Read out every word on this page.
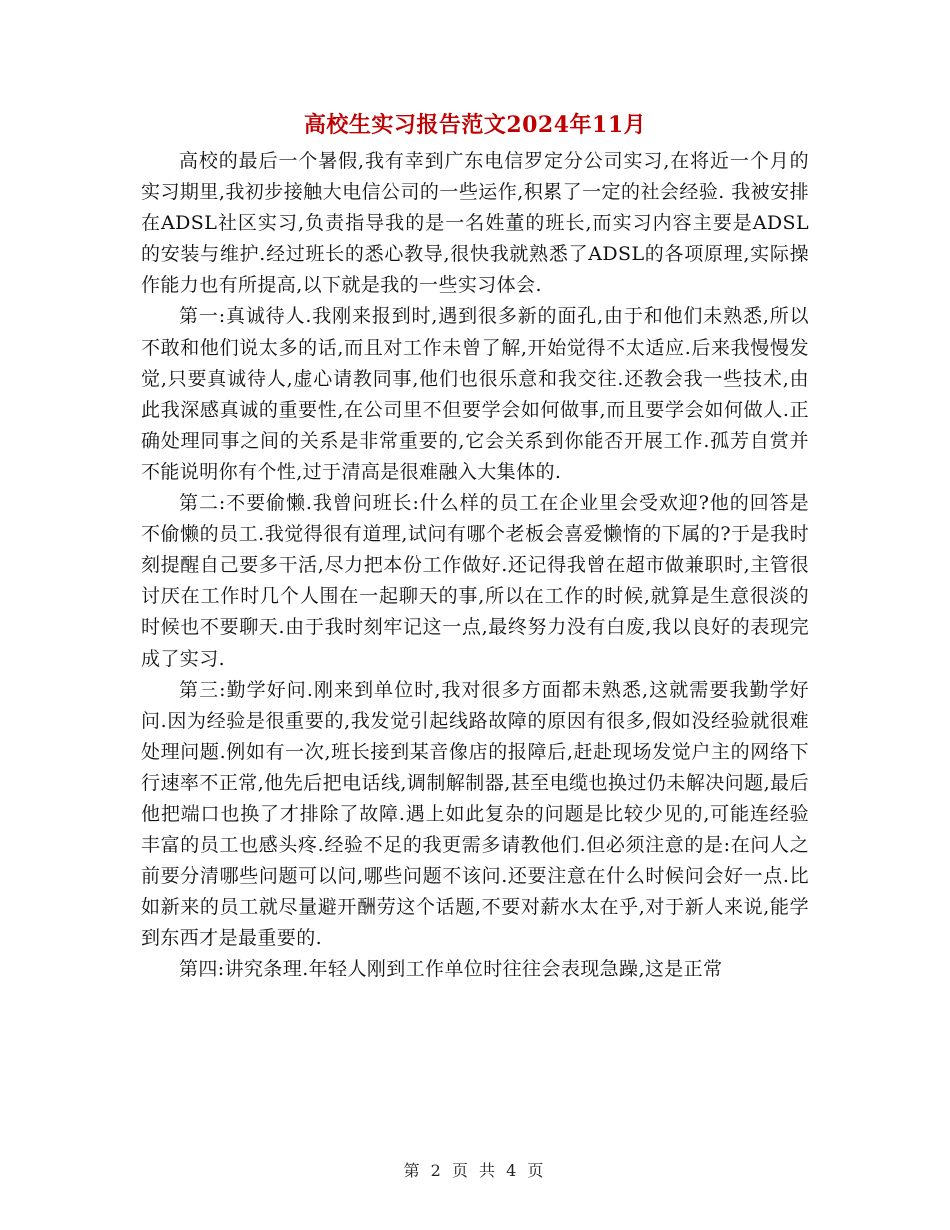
高校生实习报告范文2024年11月

高校的最后一个暑假,我有幸到广东电信罗定分公司实习,在将近一个月的实习期里,我初步接触大电信公司的一些运作,积累了一定的社会经验. 我被安排在ADSL社区实习,负责指导我的是一名姓董的班长,而实习内容主要是ADSL的安装与维护.经过班长的悉心教导,很快我就熟悉了ADSL的各项原理,实际操作能力也有所提高,以下就是我的一些实习体会.

第一:真诚待人.我刚来报到时,遇到很多新的面孔,由于和他们未熟悉,所以不敢和他们说太多的话,而且对工作未曾了解,开始觉得不太适应.后来我慢慢发觉,只要真诚待人,虚心请教同事,他们也很乐意和我交往.还教会我一些技术,由此我深感真诚的重要性,在公司里不但要学会如何做事,而且要学会如何做人.正确处理同事之间的关系是非常重要的,它会关系到你能否开展工作.孤芳自赏并不能说明你有个性,过于清高是很难融入大集体的.

第二:不要偷懒.我曾问班长:什么样的员工在企业里会受欢迎?他的回答是不偷懒的员工.我觉得很有道理,试问有哪个老板会喜爱懒惰的下属的?于是我时刻提醒自己要多干活,尽力把本份工作做好.还记得我曾在超市做兼职时,主管很讨厌在工作时几个人围在一起聊天的事,所以在工作的时候,就算是生意很淡的时候也不要聊天.由于我时刻牢记这一点,最终努力没有白废,我以良好的表现完成了实习.

第三:勤学好问.刚来到单位时,我对很多方面都未熟悉,这就需要我勤学好问.因为经验是很重要的,我发觉引起线路故障的原因有很多,假如没经验就很难处理问题.例如有一次,班长接到某音像店的报障后,赶赴现场发觉户主的网络下行速率不正常,他先后把电话线,调制解制器,甚至电缆也换过仍未解决问题,最后他把端口也换了才排除了故障.遇上如此复杂的问题是比较少见的,可能连经验丰富的员工也感头疼.经验不足的我更需多请教他们.但必须注意的是:在问人之前要分清哪些问题可以问,哪些问题不该问.还要注意在什么时候问会好一点.比如新来的员工就尽量避开酬劳这个话题,不要对薪水太在乎,对于新人来说,能学到东西才是最重要的.

第四:讲究条理.年轻人刚到工作单位时往往会表现急躁,这是正常

第 2 页 共 4 页
